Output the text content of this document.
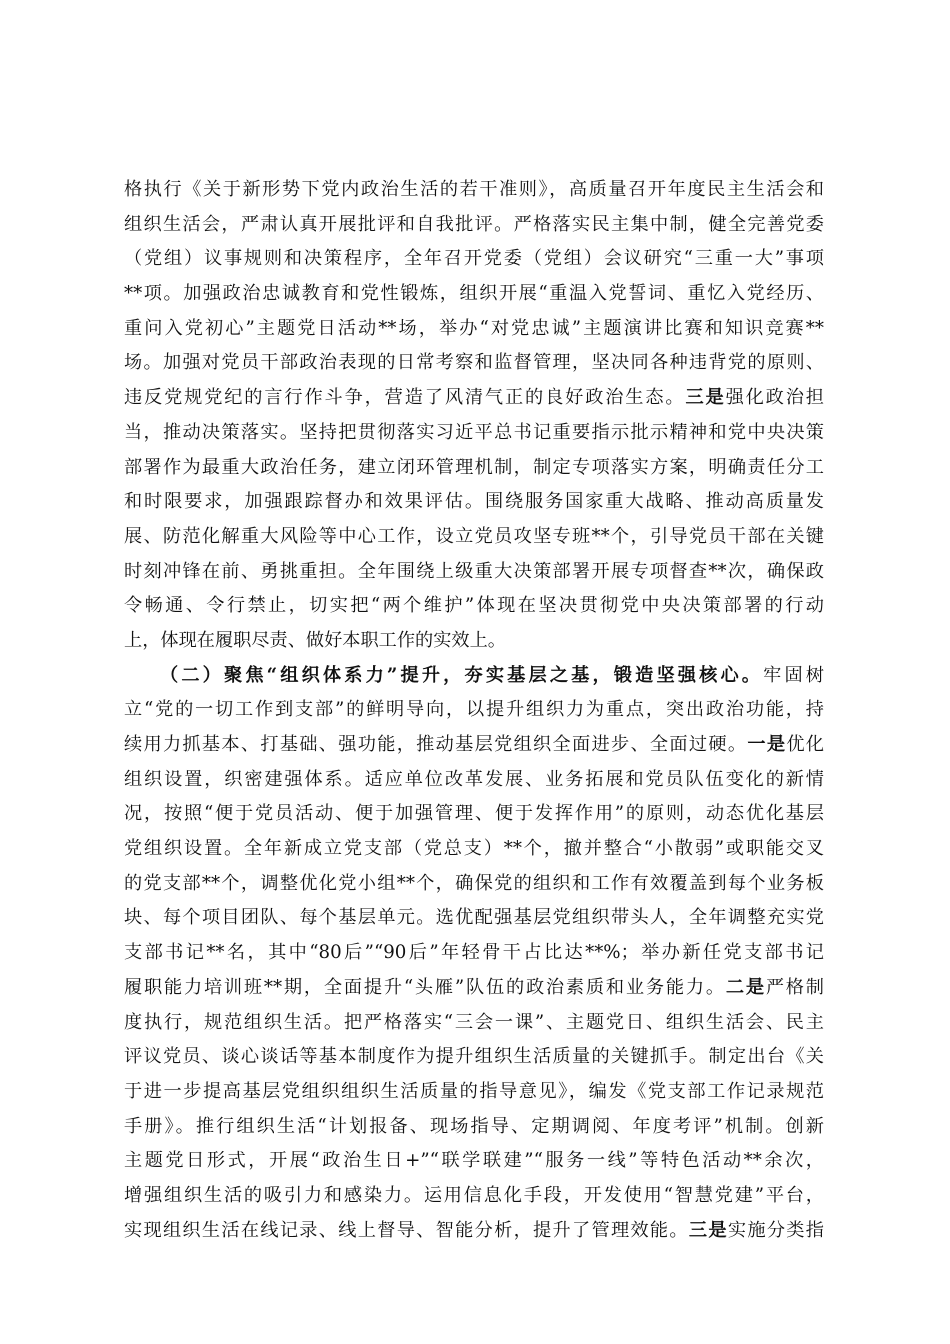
格执行《关于新形势下党内政治生活的若干准则》，高质量召开年度民主生活会和
组织生活会，严肃认真开展批评和自我批评。严格落实民主集中制，健全完善党委
（党组）议事规则和决策程序，全年召开党委（党组）会议研究“三重一大”事项
**项。加强政治忠诚教育和党性锻炼，组织开展“重温入党誓词、重忆入党经历、
重问入党初心”主题党日活动**场，举办“对党忠诚”主题演讲比赛和知识竞赛**
场。加强对党员干部政治表现的日常考察和监督管理，坚决同各种违背党的原则、
违反党规党纪的言行作斗争，营造了风清气正的良好政治生态。三是强化政治担
当，推动决策落实。坚持把贯彻落实习近平总书记重要指示批示精神和党中央决策
部署作为最重大政治任务，建立闭环管理机制，制定专项落实方案，明确责任分工
和时限要求，加强跟踪督办和效果评估。围绕服务国家重大战略、推动高质量发
展、防范化解重大风险等中心工作，设立党员攻坚专班**个，引导党员干部在关键
时刻冲锋在前、勇挑重担。全年围绕上级重大决策部署开展专项督查**次，确保政
令畅通、令行禁止，切实把“两个维护”体现在坚决贯彻党中央决策部署的行动
上，体现在履职尽责、做好本职工作的实效上。
（二）聚焦“组织体系力”提升，夯实基层之基，锻造坚强核心。牢固树
立“党的一切工作到支部”的鲜明导向，以提升组织力为重点，突出政治功能，持
续用力抓基本、打基础、强功能，推动基层党组织全面进步、全面过硬。一是优化
组织设置，织密建强体系。适应单位改革发展、业务拓展和党员队伍变化的新情
况，按照“便于党员活动、便于加强管理、便于发挥作用”的原则，动态优化基层
党组织设置。全年新成立党支部（党总支）**个，撤并整合“小散弱”或职能交叉
的党支部**个，调整优化党小组**个，确保党的组织和工作有效覆盖到每个业务板
块、每个项目团队、每个基层单元。选优配强基层党组织带头人，全年调整充实党
支部书记**名，其中“80后”“90后”年轻骨干占比达**%；举办新任党支部书记
履职能力培训班**期，全面提升“头雁”队伍的政治素质和业务能力。二是严格制
度执行，规范组织生活。把严格落实“三会一课”、主题党日、组织生活会、民主
评议党员、谈心谈话等基本制度作为提升组织生活质量的关键抓手。制定出台《关
于进一步提高基层党组织组织生活质量的指导意见》，编发《党支部工作记录规范
手册》。推行组织生活“计划报备、现场指导、定期调阅、年度考评”机制。创新
主题党日形式，开展“政治生日+”“联学联建”“服务一线”等特色活动**余次，
增强组织生活的吸引力和感染力。运用信息化手段，开发使用“智慧党建”平台，
实现组织生活在线记录、线上督导、智能分析，提升了管理效能。三是实施分类指
